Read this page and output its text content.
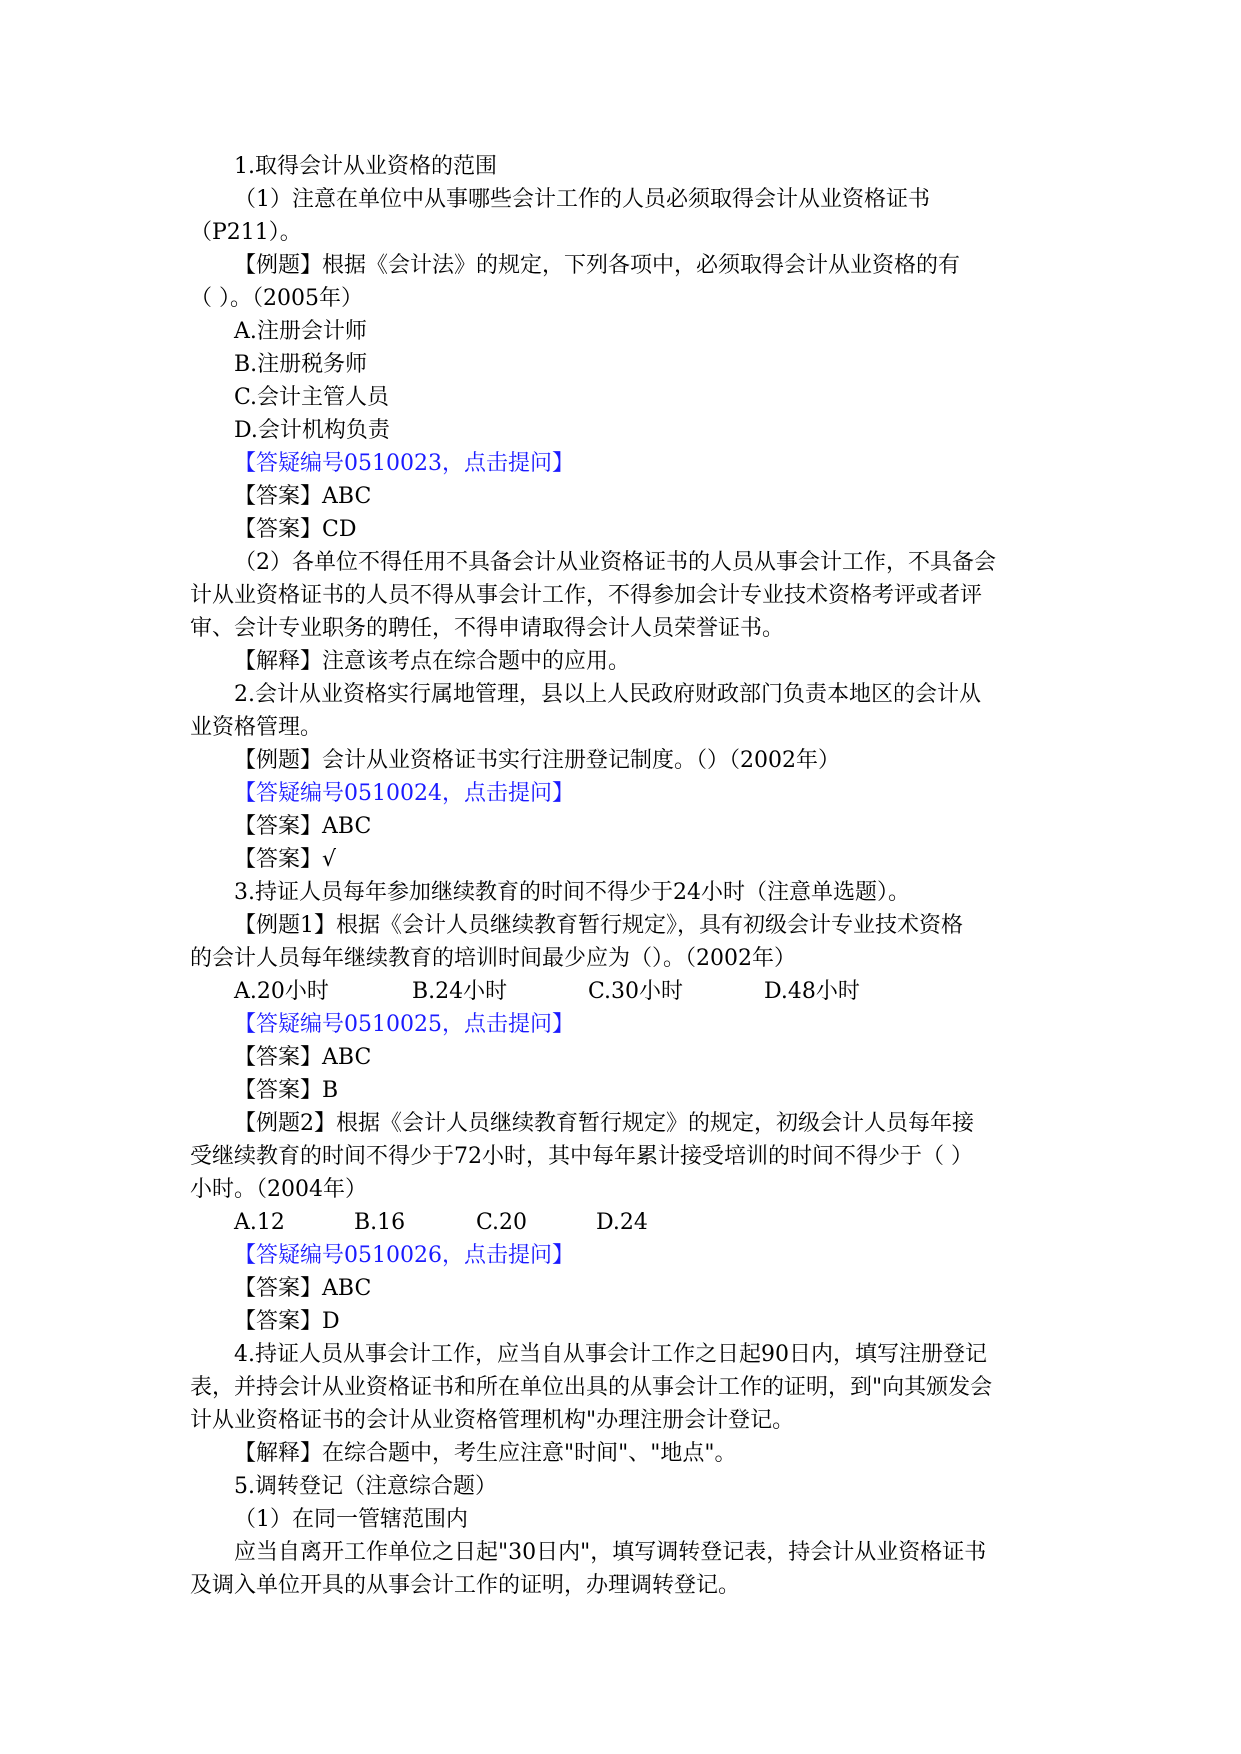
1.取得会计从业资格的范围
（1）注意在单位中从事哪些会计工作的人员必须取得会计从业资格证书
（P211）。
【例题】根据《会计法》的规定，下列各项中，必须取得会计从业资格的有
（ ）。（2005年）
A.注册会计师
B.注册税务师
C.会计主管人员
D.会计机构负责
【答疑编号0510023，点击提问】
【答案】ABC
【答案】CD
（2）各单位不得任用不具备会计从业资格证书的人员从事会计工作，不具备会
计从业资格证书的人员不得从事会计工作，不得参加会计专业技术资格考评或者评
审、会计专业职务的聘任，不得申请取得会计人员荣誉证书。
【解释】注意该考点在综合题中的应用。
2.会计从业资格实行属地管理，县以上人民政府财政部门负责本地区的会计从
业资格管理。
【例题】会计从业资格证书实行注册登记制度。（）（2002年）
【答疑编号0510024，点击提问】
【答案】ABC
【答案】√
3.持证人员每年参加继续教育的时间不得少于24小时（注意单选题）。
【例题1】根据《会计人员继续教育暂行规定》，具有初级会计专业技术资格
的会计人员每年继续教育的培训时间最少应为（）。（2002年）
A.20小时	B.24小时	C.30小时	D.48小时
【答疑编号0510025，点击提问】
【答案】ABC
【答案】B
【例题2】根据《会计人员继续教育暂行规定》的规定，初级会计人员每年接
受继续教育的时间不得少于72小时，其中每年累计接受培训的时间不得少于（ ）
小时。（2004年）
A.12	B.16	C.20	D.24
【答疑编号0510026，点击提问】
【答案】ABC
【答案】D
4.持证人员从事会计工作，应当自从事会计工作之日起90日内，填写注册登记
表，并持会计从业资格证书和所在单位出具的从事会计工作的证明，到"向其颁发会
计从业资格证书的会计从业资格管理机构"办理注册会计登记。
【解释】在综合题中，考生应注意"时间"、"地点"。
5.调转登记（注意综合题）
（1）在同一管辖范围内
应当自离开工作单位之日起"30日内"，填写调转登记表，持会计从业资格证书
及调入单位开具的从事会计工作的证明，办理调转登记。
